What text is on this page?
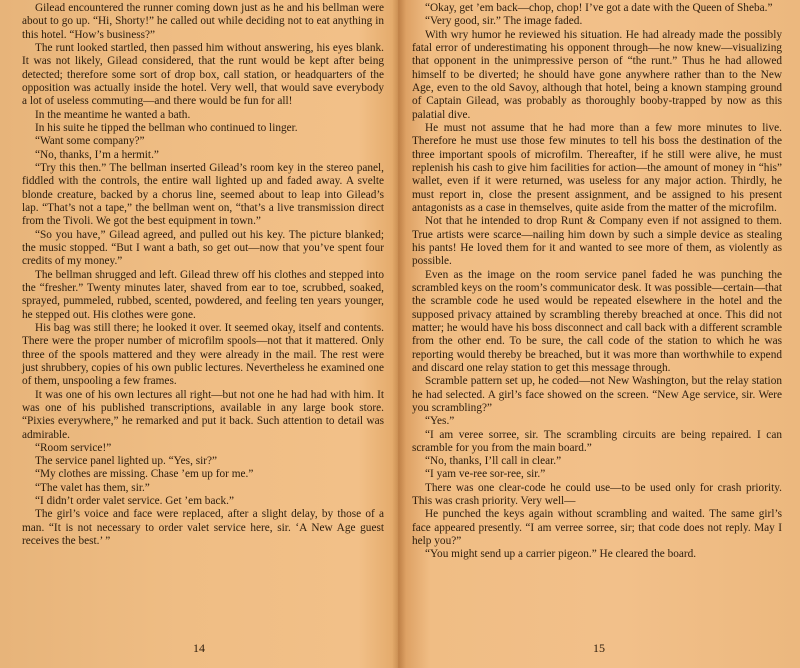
Gilead encountered the runner coming down just as he and his bellman were about to go up. “Hi, Shorty!” he called out while deciding not to eat anything in this hotel. “How’s business?”

The runt looked startled, then passed him without answering, his eyes blank. It was not likely, Gilead considered, that the runt would be kept after being detected; therefore some sort of drop box, call station, or headquarters of the opposition was actually inside the hotel. Very well, that would save everybody a lot of useless commuting—and there would be fun for all!

In the meantime he wanted a bath.

In his suite he tipped the bellman who continued to linger.

“Want some company?”

“No, thanks, I’m a hermit.”

“Try this then.” The bellman inserted Gilead’s room key in the stereo panel, fiddled with the controls, the entire wall lighted up and faded away. A svelte blonde creature, backed by a chorus line, seemed about to leap into Gilead’s lap. “That’s not a tape,” the bellman went on, “that’s a live transmission direct from the Tivoli. We got the best equipment in town.”

“So you have,” Gilead agreed, and pulled out his key. The picture blanked; the music stopped. “But I want a bath, so get out—now that you’ve spent four credits of my money.”

The bellman shrugged and left. Gilead threw off his clothes and stepped into the “fresher.” Twenty minutes later, shaved from ear to toe, scrubbed, soaked, sprayed, pummeled, rubbed, scented, powdered, and feeling ten years younger, he stepped out. His clothes were gone.

His bag was still there; he looked it over. It seemed okay, itself and contents. There were the proper number of microfilm spools—not that it mattered. Only three of the spools mattered and they were already in the mail. The rest were just shrubbery, copies of his own public lectures. Nevertheless he examined one of them, unspooling a few frames.

It was one of his own lectures all right—but not one he had had with him. It was one of his published transcriptions, available in any large book store. “Pixies everywhere,” he remarked and put it back. Such attention to detail was admirable.

“Room service!”

The service panel lighted up. “Yes, sir?”

“My clothes are missing. Chase ’em up for me.”

“The valet has them, sir.”

“I didn’t order valet service. Get ’em back.”

The girl’s voice and face were replaced, after a slight delay, by those of a man. “It is not necessary to order valet service here, sir. ‘A New Age guest receives the best.’ ”

14

“Okay, get ’em back—chop, chop! I’ve got a date with the Queen of Sheba.”

“Very good, sir.” The image faded.

With wry humor he reviewed his situation. He had already made the possibly fatal error of underestimating his opponent through—he now knew—visualizing that opponent in the unimpressive person of “the runt.” Thus he had allowed himself to be diverted; he should have gone anywhere rather than to the New Age, even to the old Savoy, although that hotel, being a known stamping ground of Captain Gilead, was probably as thoroughly booby-trapped by now as this palatial dive.

He must not assume that he had more than a few more minutes to live. Therefore he must use those few minutes to tell his boss the destination of the three important spools of microfilm. Thereafter, if he still were alive, he must replenish his cash to give him facilities for action—the amount of money in “his” wallet, even if it were returned, was useless for any major action. Thirdly, he must report in, close the present assignment, and be assigned to his present antagonists as a case in themselves, quite aside from the matter of the microfilm.

Not that he intended to drop Runt & Company even if not assigned to them. True artists were scarce—nailing him down by such a simple device as stealing his pants! He loved them for it and wanted to see more of them, as violently as possible.

Even as the image on the room service panel faded he was punching the scrambled keys on the room’s communicator desk. It was possible—certain—that the scramble code he used would be repeated elsewhere in the hotel and the supposed privacy attained by scrambling thereby breached at once. This did not matter; he would have his boss disconnect and call back with a different scramble from the other end. To be sure, the call code of the station to which he was reporting would thereby be breached, but it was more than worthwhile to expend and discard one relay station to get this message through.

Scramble pattern set up, he coded—not New Washington, but the relay station he had selected. A girl’s face showed on the screen. “New Age service, sir. Were you scrambling?”

“Yes.”

“I am veree sorree, sir. The scrambling circuits are being repaired. I can scramble for you from the main board.”

“No, thanks, I’ll call in clear.”

“I yam ve-ree sor-ree, sir.”

There was one clear-code he could use—to be used only for crash priority. This was crash priority. Very well—

He punched the keys again without scrambling and waited. The same girl’s face appeared presently. “I am verree sorree, sir; that code does not reply. May I help you?”

“You might send up a carrier pigeon.” He cleared the board.

15
